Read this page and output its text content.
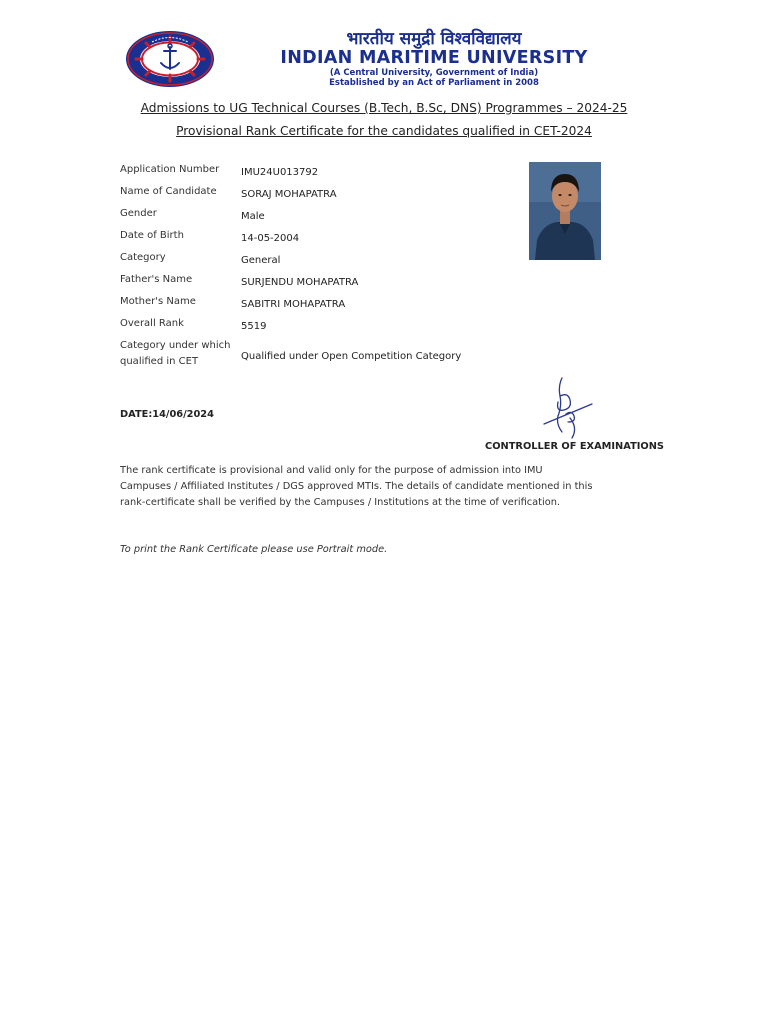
भारतीय समुद्री विश्वविद्यालय
INDIAN MARITIME UNIVERSITY
(A Central University, Government of India)
Established by an Act of Parliament in 2008
Admissions to UG Technical Courses (B.Tech, B.Sc, DNS) Programmes – 2024-25
Provisional Rank Certificate for the candidates qualified in CET-2024
Application Number	IMU24U013792
Name of Candidate	SORAJ MOHAPATRA
Gender	Male
Date of Birth	14-05-2004
Category	General
Father's Name	SURJENDU MOHAPATRA
Mother's Name	SABITRI MOHAPATRA
Overall Rank	5519
Category under which qualified in CET	Qualified under Open Competition Category
DATE:14/06/2024
CONTROLLER OF EXAMINATIONS
The rank certificate is provisional and valid only for the purpose of admission into IMU
Campuses / Affiliated Institutes / DGS approved MTIs. The details of candidate mentioned in this
rank-certificate shall be verified by the Campuses / Institutions at the time of verification.
To print the Rank Certificate please use Portrait mode.
